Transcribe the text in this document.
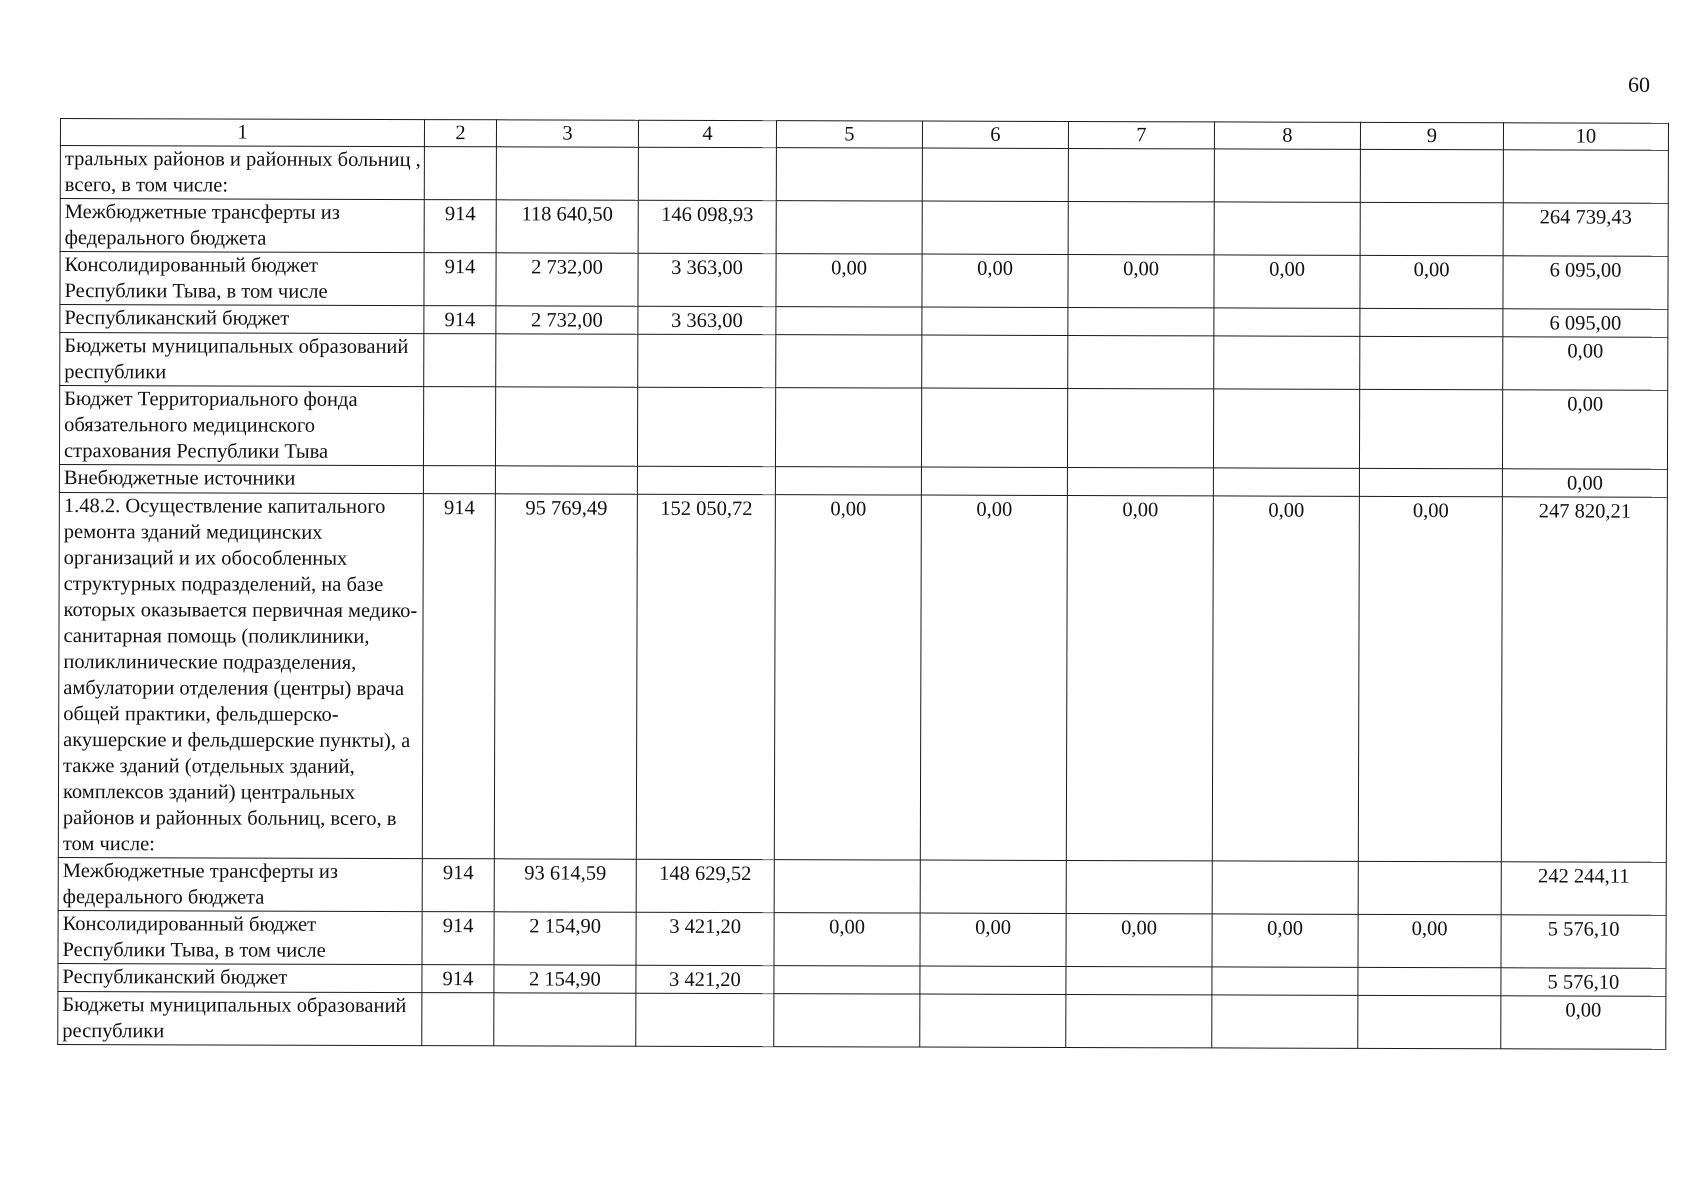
60
1	2	3	4	5	6	7	8	9	10
тральных районов и районных больниц , всего, в том числе:									
Межбюджетные трансферты из федерального бюджета	914	118 640,50	146 098,93						264 739,43
Консолидированный бюджет Республики Тыва, в том числе	914	2 732,00	3 363,00	0,00	0,00	0,00	0,00	0,00	6 095,00
Республиканский бюджет	914	2 732,00	3 363,00						6 095,00
Бюджеты муниципальных образований республики									0,00
Бюджет Территориального фонда обязательного медицинского страхования Республики Тыва									0,00
Внебюджетные источники									0,00
1.48.2. Осуществление капитального ремонта зданий медицинских организаций и их обособленных структурных подразделений, на базе которых оказывается первичная медико-санитарная помощь (поликлиники, поликлинические подразделения, амбулатории отделения (центры) врача общей практики, фельдшерско-акушерские и фельдшерские пункты), а также зданий (отдельных зданий, комплексов зданий) центральных районов и районных больниц, всего, в том числе:	914	95 769,49	152 050,72	0,00	0,00	0,00	0,00	0,00	247 820,21
Межбюджетные трансферты из федерального бюджета	914	93 614,59	148 629,52						242 244,11
Консолидированный бюджет Республики Тыва, в том числе	914	2 154,90	3 421,20	0,00	0,00	0,00	0,00	0,00	5 576,10
Республиканский бюджет	914	2 154,90	3 421,20						5 576,10
Бюджеты муниципальных образований республики									0,00
